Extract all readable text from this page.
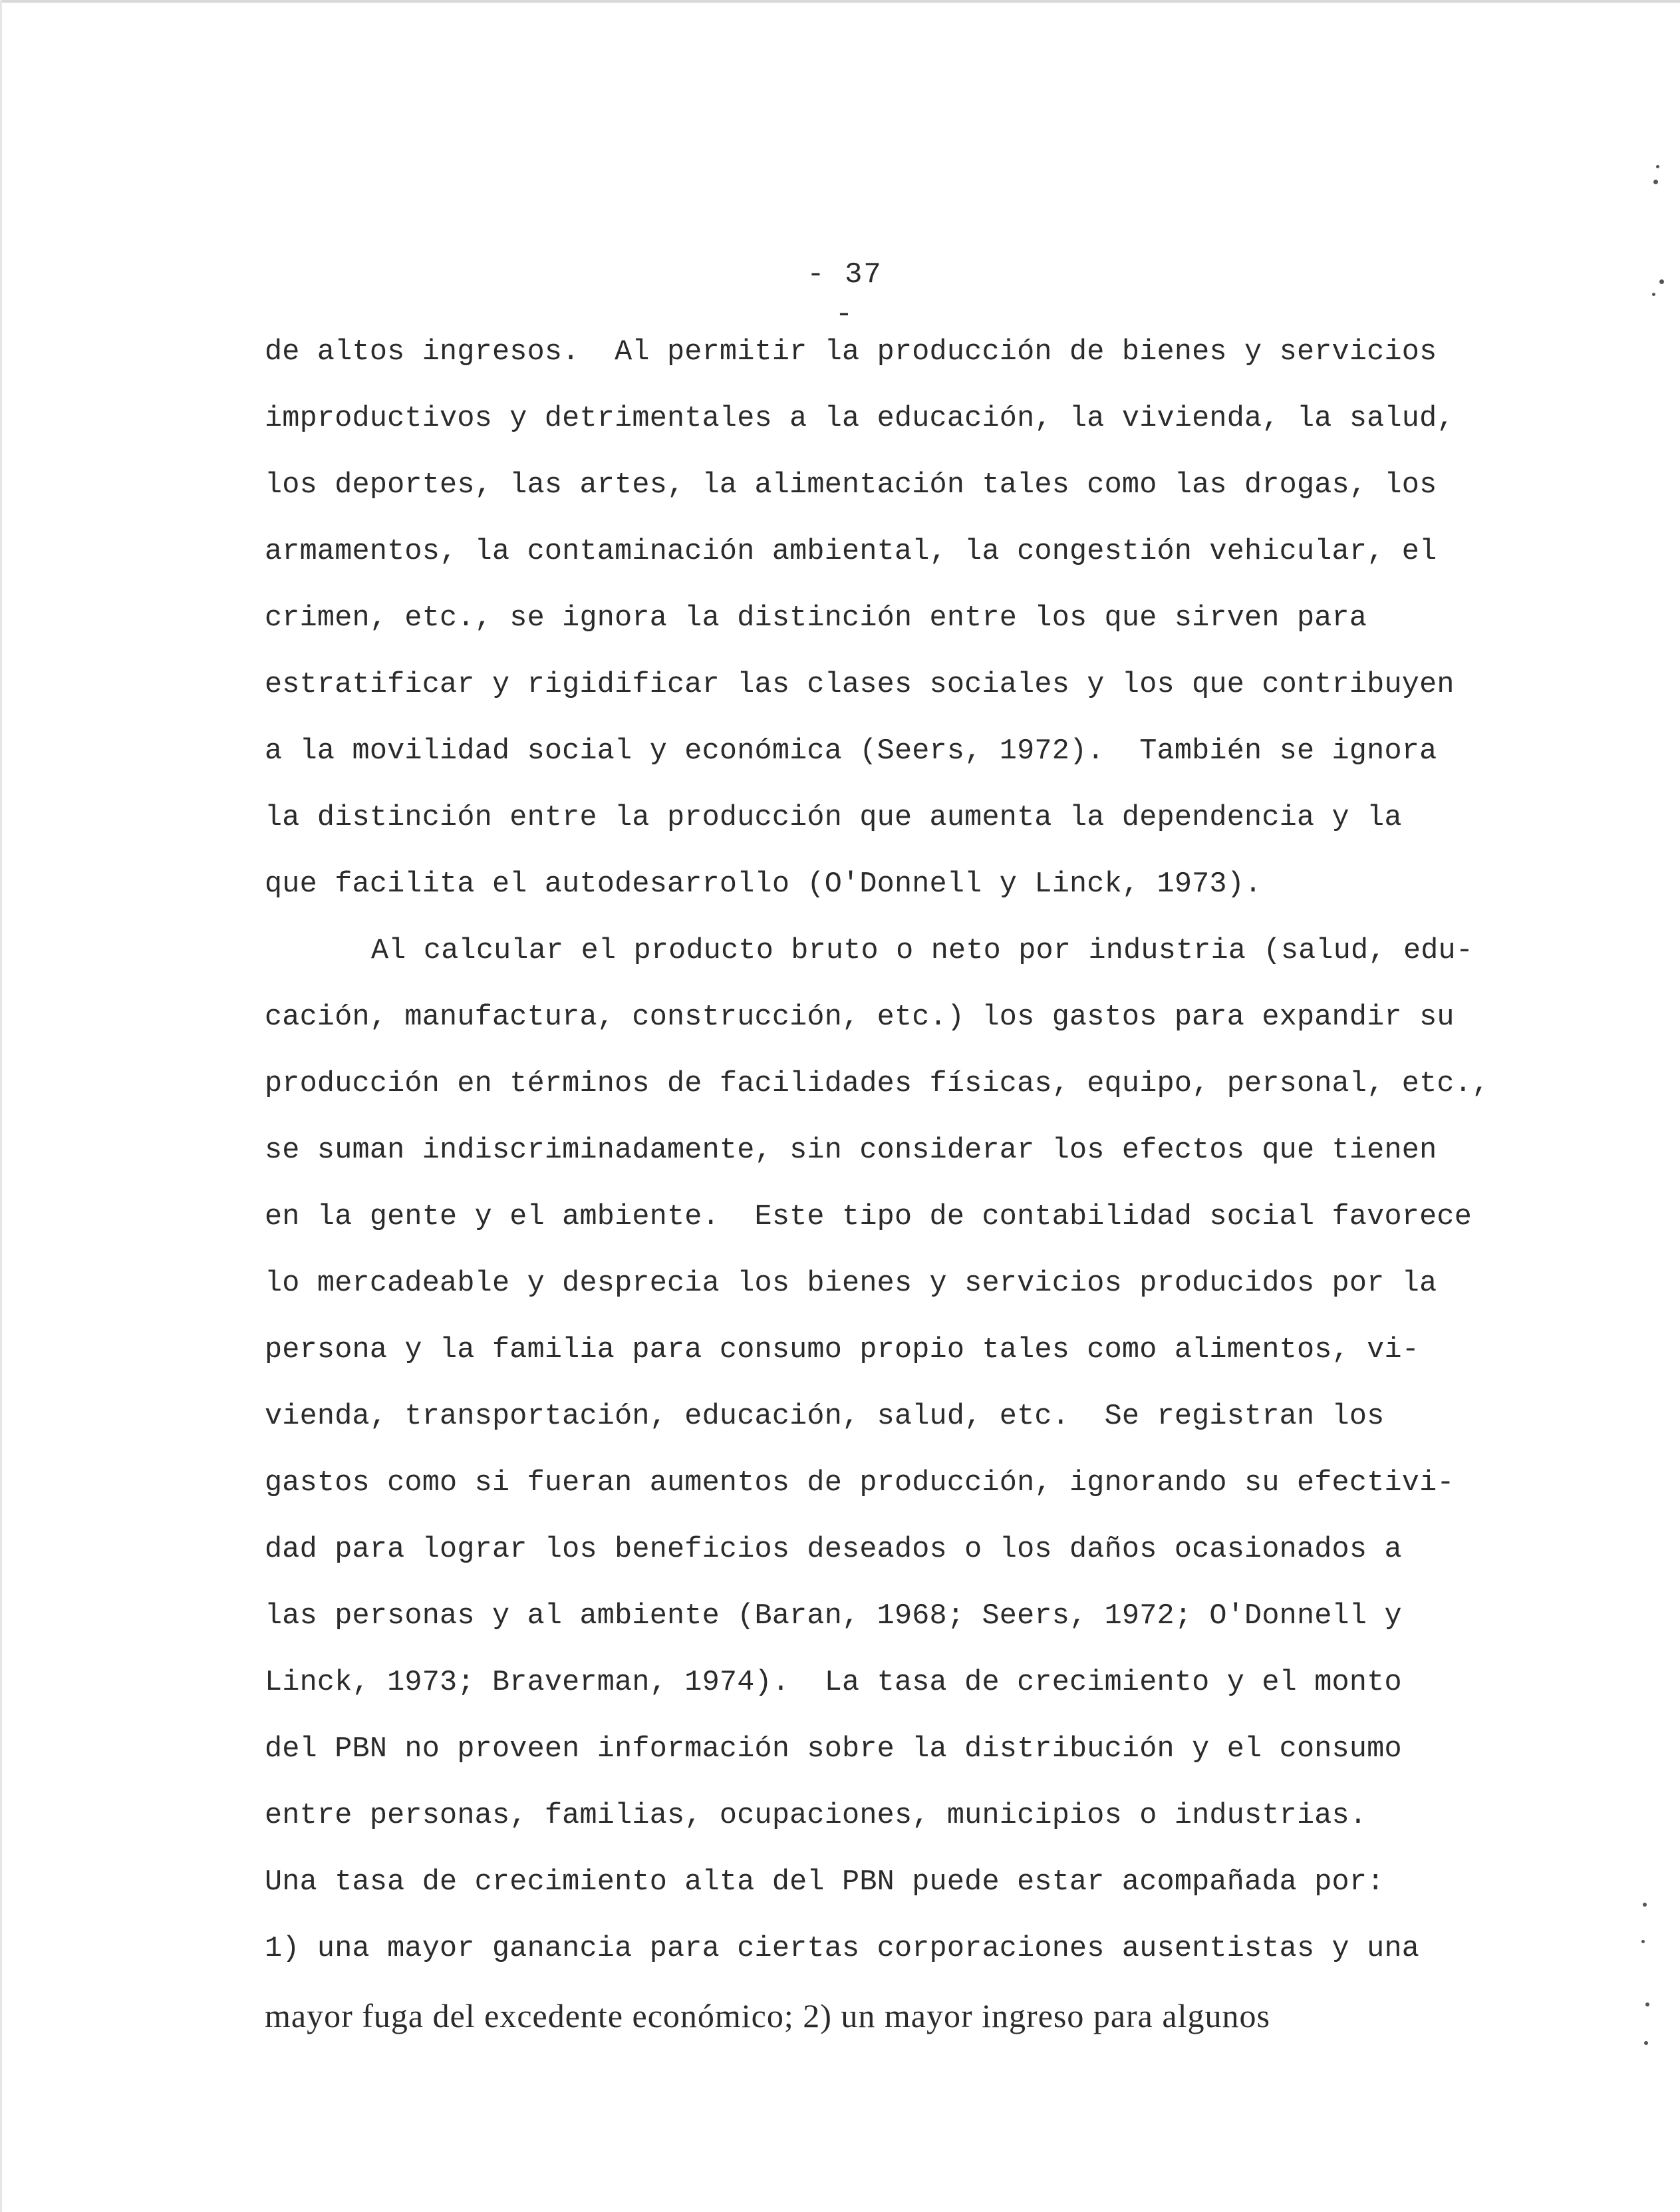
- 37 -
de altos ingresos.  Al permitir la producción de bienes y servicios
improductivos y detrimentales a la educación, la vivienda, la salud,
los deportes, las artes, la alimentación tales como las drogas, los
armamentos, la contaminación ambiental, la congestión vehicular, el
crimen, etc., se ignora la distinción entre los que sirven para
estratificar y rigidificar las clases sociales y los que contribuyen
a la movilidad social y económica (Seers, 1972).  También se ignora
la distinción entre la producción que aumenta la dependencia y la
que facilita el autodesarrollo (O'Donnell y Linck, 1973).
Al calcular el producto bruto o neto por industria (salud, edu-
cación, manufactura, construcción, etc.) los gastos para expandir su
producción en términos de facilidades físicas, equipo, personal, etc.,
se suman indiscriminadamente, sin considerar los efectos que tienen
en la gente y el ambiente.  Este tipo de contabilidad social favorece
lo mercadeable y desprecia los bienes y servicios producidos por la
persona y la familia para consumo propio tales como alimentos, vi-
vienda, transportación, educación, salud, etc.  Se registran los
gastos como si fueran aumentos de producción, ignorando su efectivi-
dad para lograr los beneficios deseados o los daños ocasionados a
las personas y al ambiente (Baran, 1968; Seers, 1972; O'Donnell y
Linck, 1973; Braverman, 1974).  La tasa de crecimiento y el monto
del PBN no proveen información sobre la distribución y el consumo
entre personas, familias, ocupaciones, municipios o industrias.
Una tasa de crecimiento alta del PBN puede estar acompañada por:
1) una mayor ganancia para ciertas corporaciones ausentistas y una
mayor fuga del excedente económico; 2) un mayor ingreso para algunos
